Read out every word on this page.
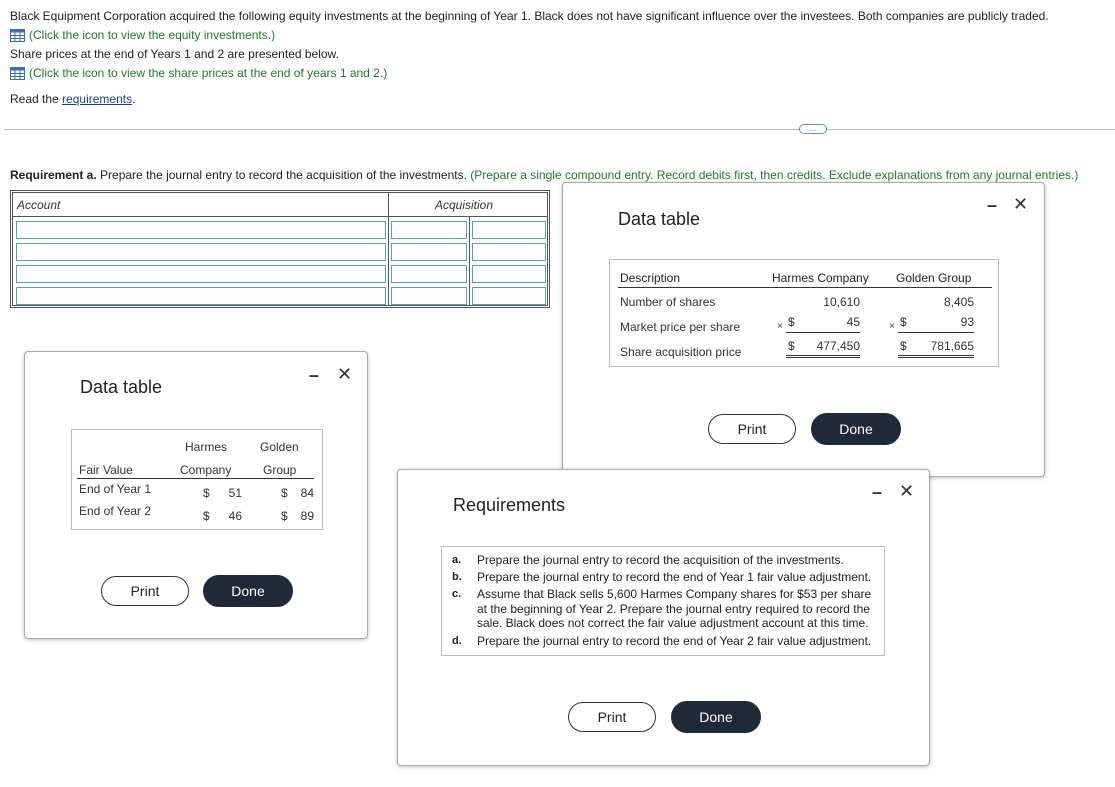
Black Equipment Corporation acquired the following equity investments at the beginning of Year 1. Black does not have significant influence over the investees. Both companies are publicly traded.
(Click the icon to view the equity investments.)
Share prices at the end of Years 1 and 2 are presented below.
(Click the icon to view the share prices at the end of years 1 and 2.)
Read the requirements.
...
Requirement a. Prepare the journal entry to record the acquisition of the investments. (Prepare a single compound entry. Record debits first, then credits. Exclude explanations from any journal entries.)
Account	Acquisition
Data table
– ✕
Description	Harmes Company Golden Group
Number of shares	10,610	8,405
Market price per share	× $	45	× $	93
Share acquisition price	$	477,450	$	781,665
Print	Done
Data table
– ✕
Harmes	Golden
Fair Value	Company	Group
End of Year 1	$	51	$	84
End of Year 2	$	46	$	89
Print	Done
Requirements
– ✕
a.	Prepare the journal entry to record the acquisition of the investments.
b.	Prepare the journal entry to record the end of Year 1 fair value adjustment.
c.	Assume that Black sells 5,600 Harmes Company shares for $53 per share at the beginning of Year 2. Prepare the journal entry required to record the sale. Black does not correct the fair value adjustment account at this time.
d.	Prepare the journal entry to record the end of Year 2 fair value adjustment.
Print	Done
